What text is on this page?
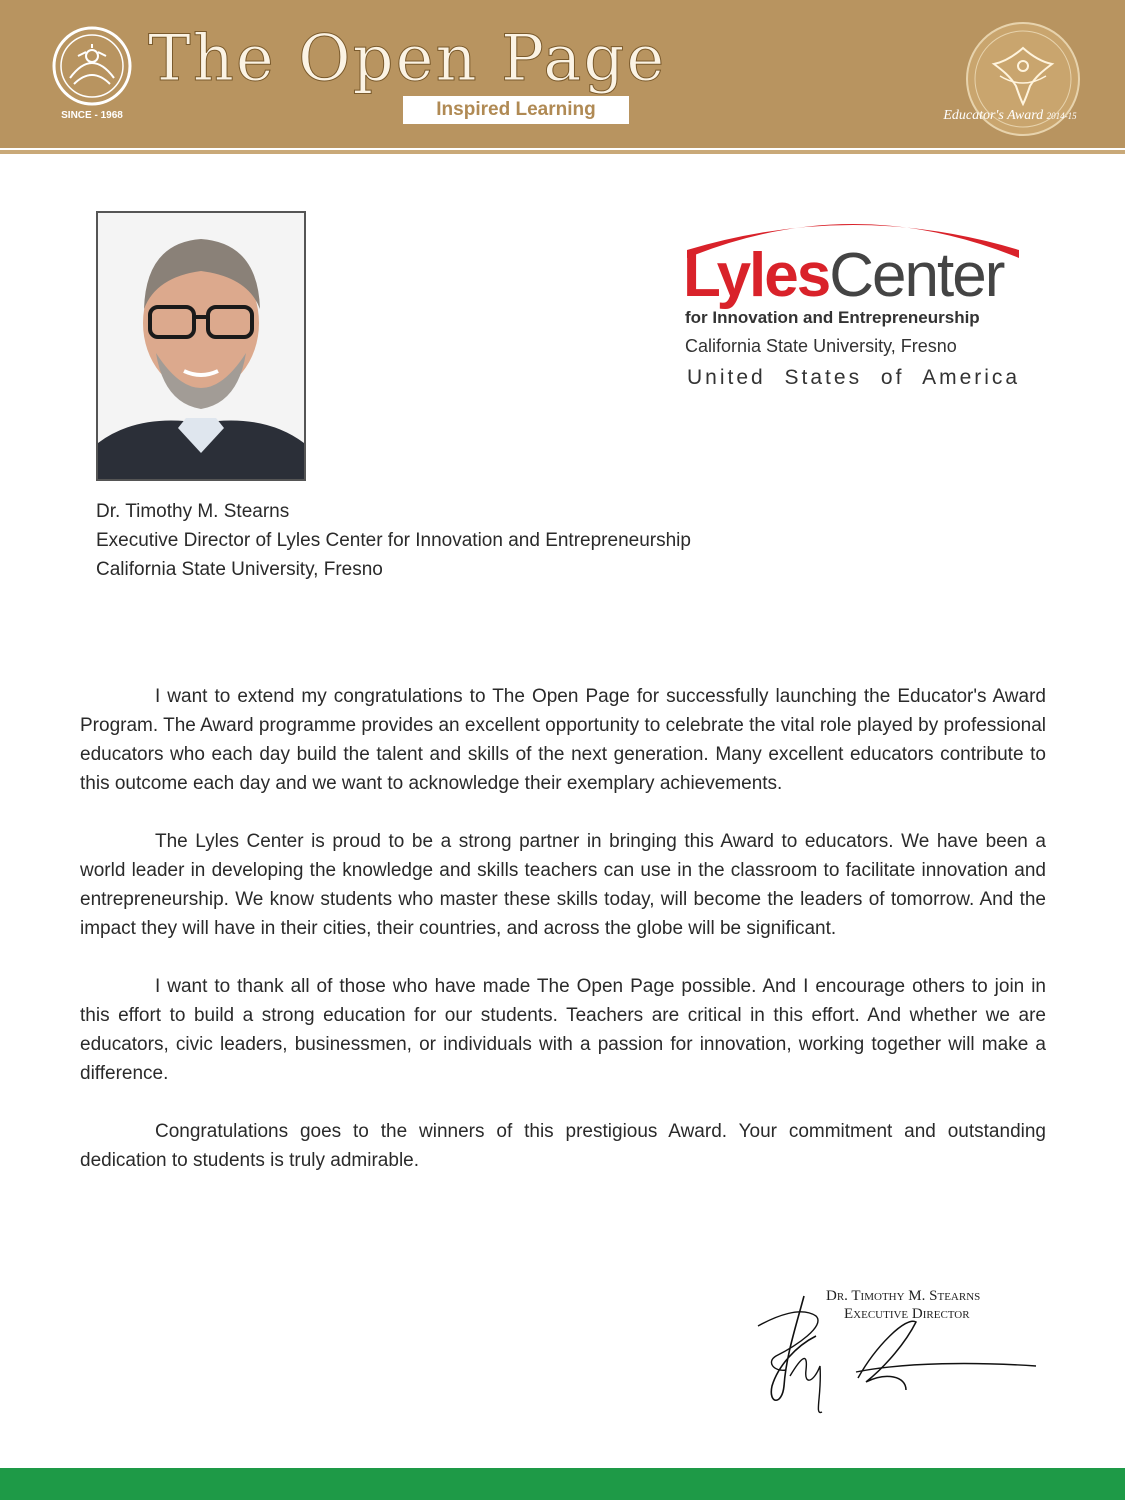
SINCE - 1968
The Open Page
Inspired Learning	Educator's Award 2014-15
LylesCenter
for Innovation and Entrepreneurship
California State University, Fresno
United States of America
Dr. Timothy M. Stearns
Executive Director of Lyles Center for Innovation and Entrepreneurship
California State University, Fresno

I want to extend my congratulations to The Open Page for successfully launching the Educator's Award Program. The Award programme provides an excellent opportunity to celebrate the vital role played by professional educators who each day build the talent and skills of the next generation. Many excellent educators contribute to this outcome each day and we want to acknowledge their exemplary achievements.

The Lyles Center is proud to be a strong partner in bringing this Award to educators. We have been a world leader in developing the knowledge and skills teachers can use in the classroom to facilitate innovation and entrepreneurship. We know students who master these skills today, will become the leaders of tomorrow. And the impact they will have in their cities, their countries, and across the globe will be significant.

I want to thank all of those who have made The Open Page possible. And I encourage others to join in this effort to build a strong education for our students. Teachers are critical in this effort. And whether we are educators, civic leaders, businessmen, or individuals with a passion for innovation, working together will make a difference.

Congratulations goes to the winners of this prestigious Award. Your commitment and outstanding dedication to students is truly admirable.

Dr. Timothy M. Stearns
Executive Director
